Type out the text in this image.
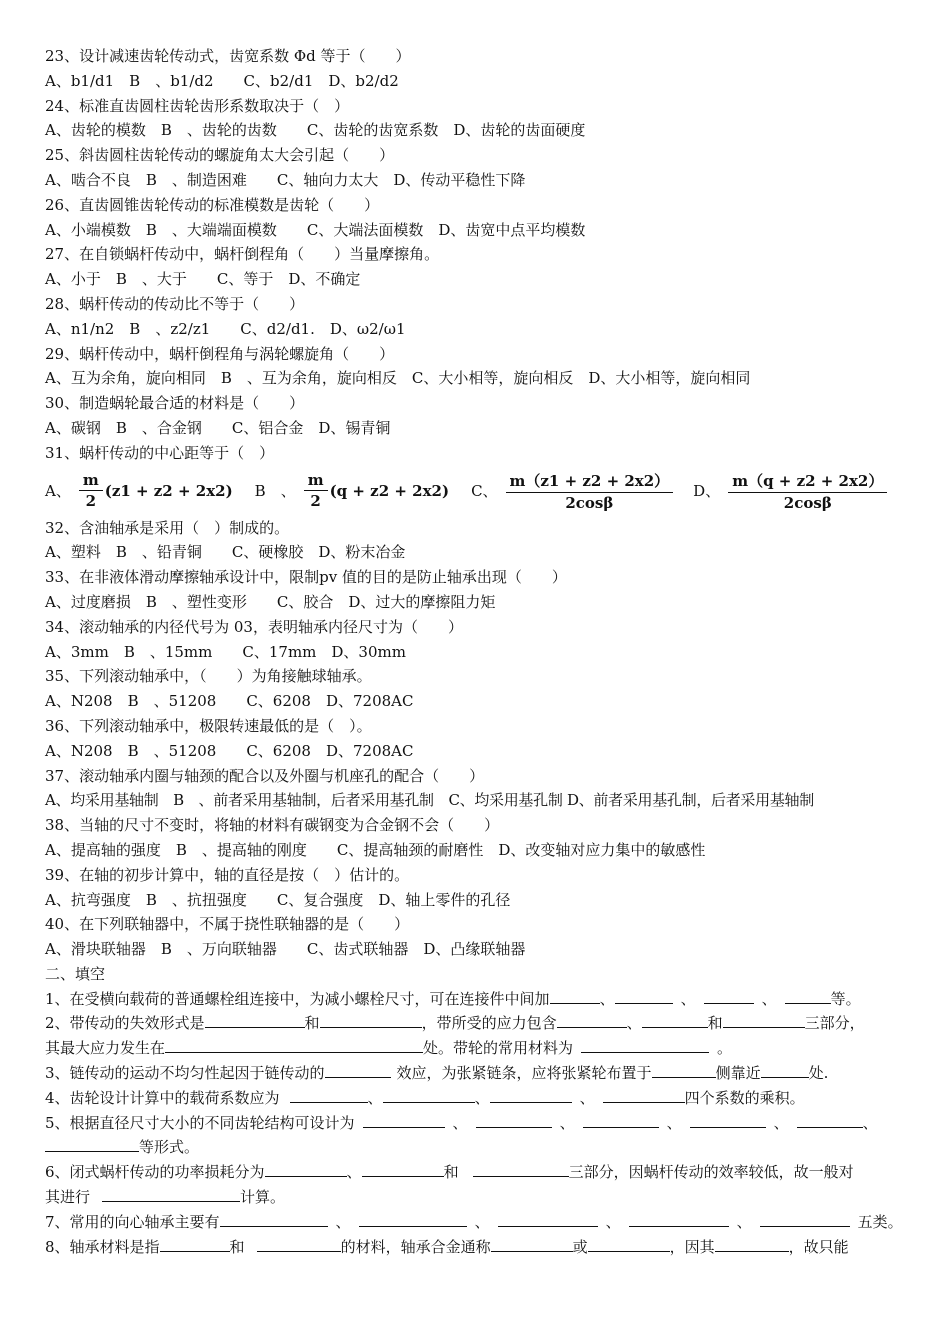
23、设计减速齿轮传动式，齿宽系数 Φd 等于（　　）
A、b1/d1　B　、b1/d2　　C、b2/d1　D、b2/d2
24、标准直齿圆柱齿轮齿形系数取决于（　）
A、齿轮的模数　B　、齿轮的齿数　　C、齿轮的齿宽系数　D、齿轮的齿面硬度
25、斜齿圆柱齿轮传动的螺旋角太大会引起（　　）
A、啮合不良　B　、制造困难　　C、轴向力太大　D、传动平稳性下降
26、直齿圆锥齿轮传动的标准模数是齿轮（　　）
A、小端模数　B　、大端端面模数　　C、大端法面模数　D、齿宽中点平均模数
27、在自锁蜗杆传动中，蜗杆倒程角（　　）当量摩擦角。
A、小于　B　、大于　　C、等于　D、不确定
28、蜗杆传动的传动比不等于（　　）
A、n1/n2　B　、z2/z1　　C、d2/d1.　D、ω2/ω1
29、蜗杆传动中，蜗杆倒程角与涡轮螺旋角（　　）
A、互为余角，旋向相同　B　、互为余角，旋向相反　C、大小相等，旋向相反　D、大小相等，旋向相同
30、制造蜗轮最合适的材料是（　　）
A、碳钢　B　、合金钢　　C、铝合金　D、锡青铜
31、蜗杆传动的中心距等于（　）
A、 $\frac{m}{2} (z1 + z2 + 2x2)$ B　、 $\frac{m}{2} (q + z2 + 2x2)$ C、 $\frac{m(z1 + z2 + 2x2)}{2\cos\beta}$ D、 $\frac{m(q + z2 + 2x2)}{2\cos\beta}$
32、含油轴承是采用（　）制成的。
A、塑料　B　、铅青铜　　C、硬橡胶　D、粉末冶金
33、在非液体滑动摩擦轴承设计中，限制pv 值的目的是防止轴承出现（　　）
A、过度磨损　B　、塑性变形　　C、胶合　D、过大的摩擦阻力矩
34、滚动轴承的内径代号为 03，表明轴承内径尺寸为（　　）
A、3mm　B　、15mm　　C、17mm　D、30mm
35、下列滚动轴承中，（　　）为角接触球轴承。
A、N208　B　、51208　　C、6208　D、7208AC
36、下列滚动轴承中，极限转速最低的是（　）。
A、N208　B　、51208　　C、6208　D、7208AC
37、滚动轴承内圈与轴颈的配合以及外圈与机座孔的配合（　　）
A、均采用基轴制　B　、前者采用基轴制，后者采用基孔制　C、均采用基孔制 D、前者采用基孔制，后者采用基轴制
38、当轴的尺寸不变时，将轴的材料有碳钢变为合金钢不会（　　）
A、提高轴的强度　B　、提高轴的刚度　　C、提高轴颈的耐磨性　D、改变轴对应力集中的敏感性
39、在轴的初步计算中，轴的直径是按（　）估计的。
A、抗弯强度　B　、抗扭强度　　C、复合强度　D、轴上零件的孔径
40、在下列联轴器中，不属于挠性联轴器的是（　　）
A、滑块联轴器　B　、万向联轴器　　C、齿式联轴器　D、凸缘联轴器
二、填空
1、在受横向载荷的普通螺栓组连接中，为减小螺栓尺寸，可在连接件中间加	、	、	、	等。
2、带传动的失效形式是	和	，带所受的应力包含	、	和	三部分，
其最大应力发生在	处。带轮的常用材料为	。
3、链传动的运动不均匀性起因于链传动的	效应，为张紧链条，应将张紧轮布置于	侧靠近	处.
4、齿轮设计计算中的载荷系数应为	、	、	、	四个系数的乘积。
5、根据直径尺寸大小的不同齿轮结构可设计为	、	、	、	、	、
等形式。
6、闭式蜗杆传动的功率损耗分为	、	和	三部分，因蜗杆传动的效率较低，故一般对
其进行	计算。
7、常用的向心轴承主要有	、	、	、	、	五类。
8、轴承材料是指	和	的材料，轴承合金通称	或	，因其	，故只能
